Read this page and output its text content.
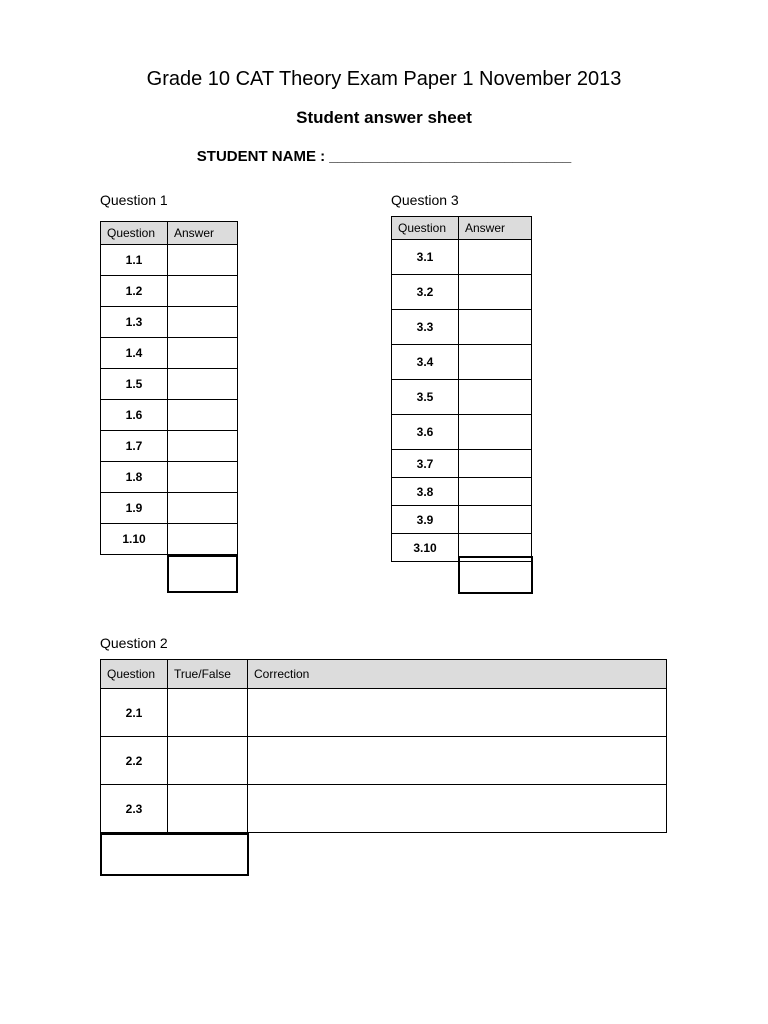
Grade 10 CAT Theory Exam Paper 1 November 2013
Student answer sheet
STUDENT NAME : _____________________________
Question 1
Question	Answer
1.1	
1.2	
1.3	
1.4	
1.5	
1.6	
1.7	
1.8	
1.9	
1.10	
Question 3
Question	Answer
3.1	
3.2	
3.3	
3.4	
3.5	
3.6	
3.7	
3.8	
3.9	
3.10	
Question 2
Question	True/False	Correction
2.1		
2.2		
2.3		
